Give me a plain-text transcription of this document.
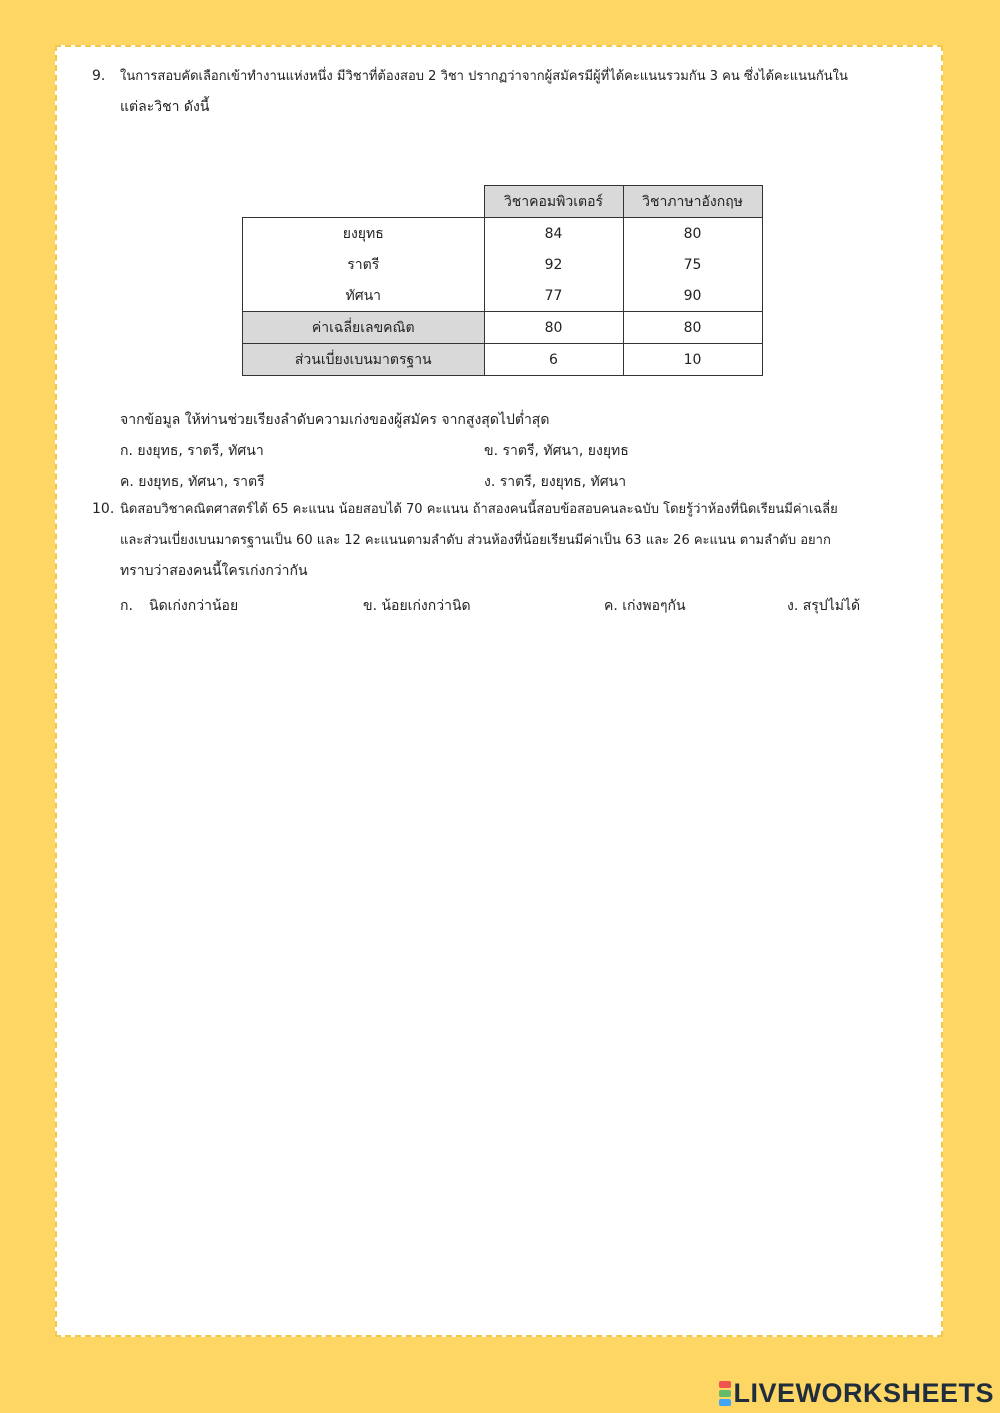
9. ในการสอบคัดเลือกเข้าทำงานแห่งหนึ่ง มีวิชาที่ต้องสอบ 2 วิชา ปรากฏว่าจากผู้สมัครมีผู้ที่ได้คะแนนรวมกัน 3 คน ซึ่งได้คะแนนกันใน
แต่ละวิชา ดังนี้
	วิชาคอมพิวเตอร์	วิชาภาษาอังกฤษ
ยงยุทธ	84	80
ราตรี	92	75
ทัศนา	77	90
ค่าเฉลี่ยเลขคณิต	80	80
ส่วนเบี่ยงเบนมาตรฐาน	6	10
จากข้อมูล ให้ท่านช่วยเรียงลำดับความเก่งของผู้สมัคร จากสูงสุดไปต่ำสุด
ก. ยงยุทธ, ราตรี, ทัศนา	ข. ราตรี, ทัศนา, ยงยุทธ
ค. ยงยุทธ, ทัศนา, ราตรี	ง. ราตรี, ยงยุทธ, ทัศนา
10. นิดสอบวิชาคณิตศาสตร์ได้ 65 คะแนน น้อยสอบได้ 70 คะแนน ถ้าสองคนนี้สอบข้อสอบคนละฉบับ โดยรู้ว่าห้องที่นิดเรียนมีค่าเฉลี่ย
และส่วนเบี่ยงเบนมาตรฐานเป็น 60 และ 12 คะแนนตามลำดับ ส่วนห้องที่น้อยเรียนมีค่าเป็น 63 และ 26 คะแนน ตามลำดับ อยาก
ทราบว่าสองคนนี้ใครเก่งกว่ากัน
ก. นิดเก่งกว่าน้อย	ข. น้อยเก่งกว่านิด	ค. เก่งพอๆกัน	ง. สรุปไม่ได้
LIVEWORKSHEETS
